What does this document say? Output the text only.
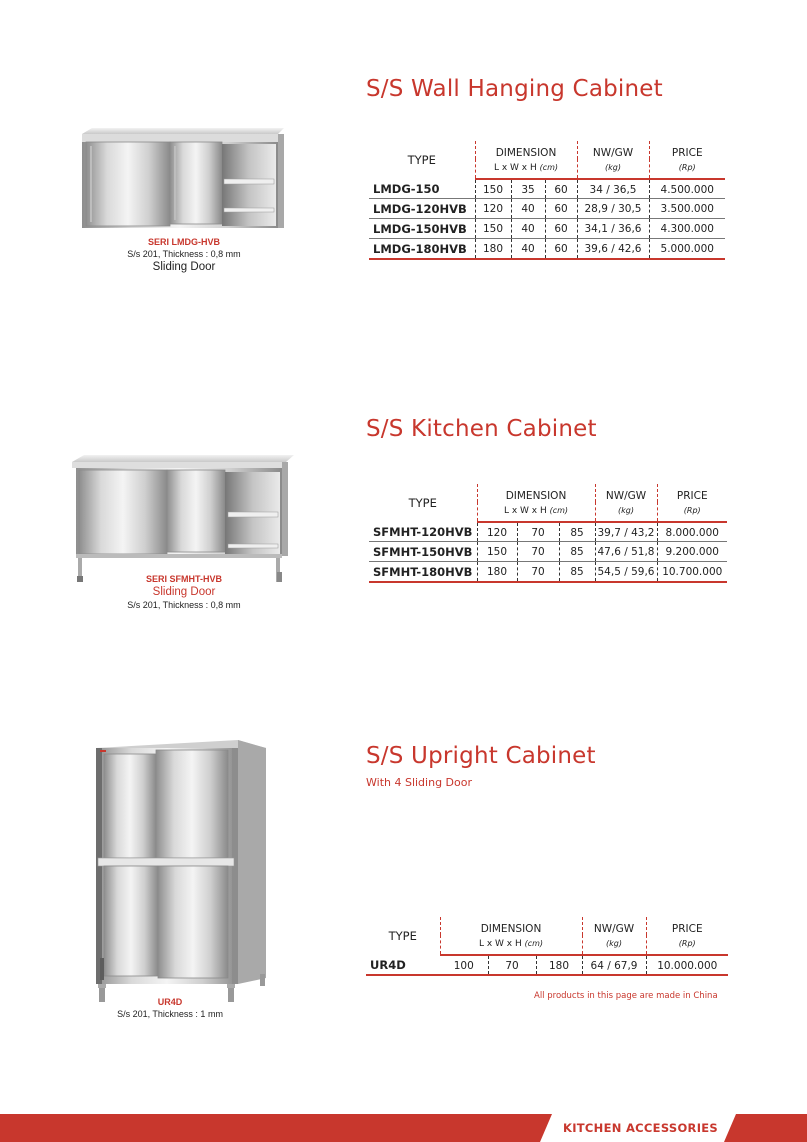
SERI LMDG-HVB
S/s 201, Thickness : 0,8 mm
Sliding Door
S/S Wall Hanging Cabinet
TYPE	DIMENSION			NW/GW	PRICE
	L x W x H (cm)			(kg)	(Rp)
LMDG-150	150	35	60	34 / 36,5	4.500.000
LMDG-120HVB	120	40	60	28,9 / 30,5	3.500.000
LMDG-150HVB	150	40	60	34,1 / 36,6	4.300.000
LMDG-180HVB	180	40	60	39,6 / 42,6	5.000.000
SERI SFMHT-HVB
Sliding Door
S/s 201, Thickness : 0,8 mm
S/S Kitchen Cabinet
TYPE	DIMENSION			NW/GW	PRICE
	L x W x H (cm)			(kg)	(Rp)
SFMHT-120HVB	120	70	85	39,7 / 43,2	8.000.000
SFMHT-150HVB	150	70	85	47,6 / 51,8	9.200.000
SFMHT-180HVB	180	70	85	54,5 / 59,6	10.700.000
UR4D
S/s 201, Thickness : 1 mm
S/S Upright Cabinet
With 4 Sliding Door
TYPE	DIMENSION			NW/GW	PRICE
	L x W x H (cm)			(kg)	(Rp)
UR4D	100	70	180	64 / 67,9	10.000.000
All products in this page are made in China
KITCHEN ACCESSORIES
